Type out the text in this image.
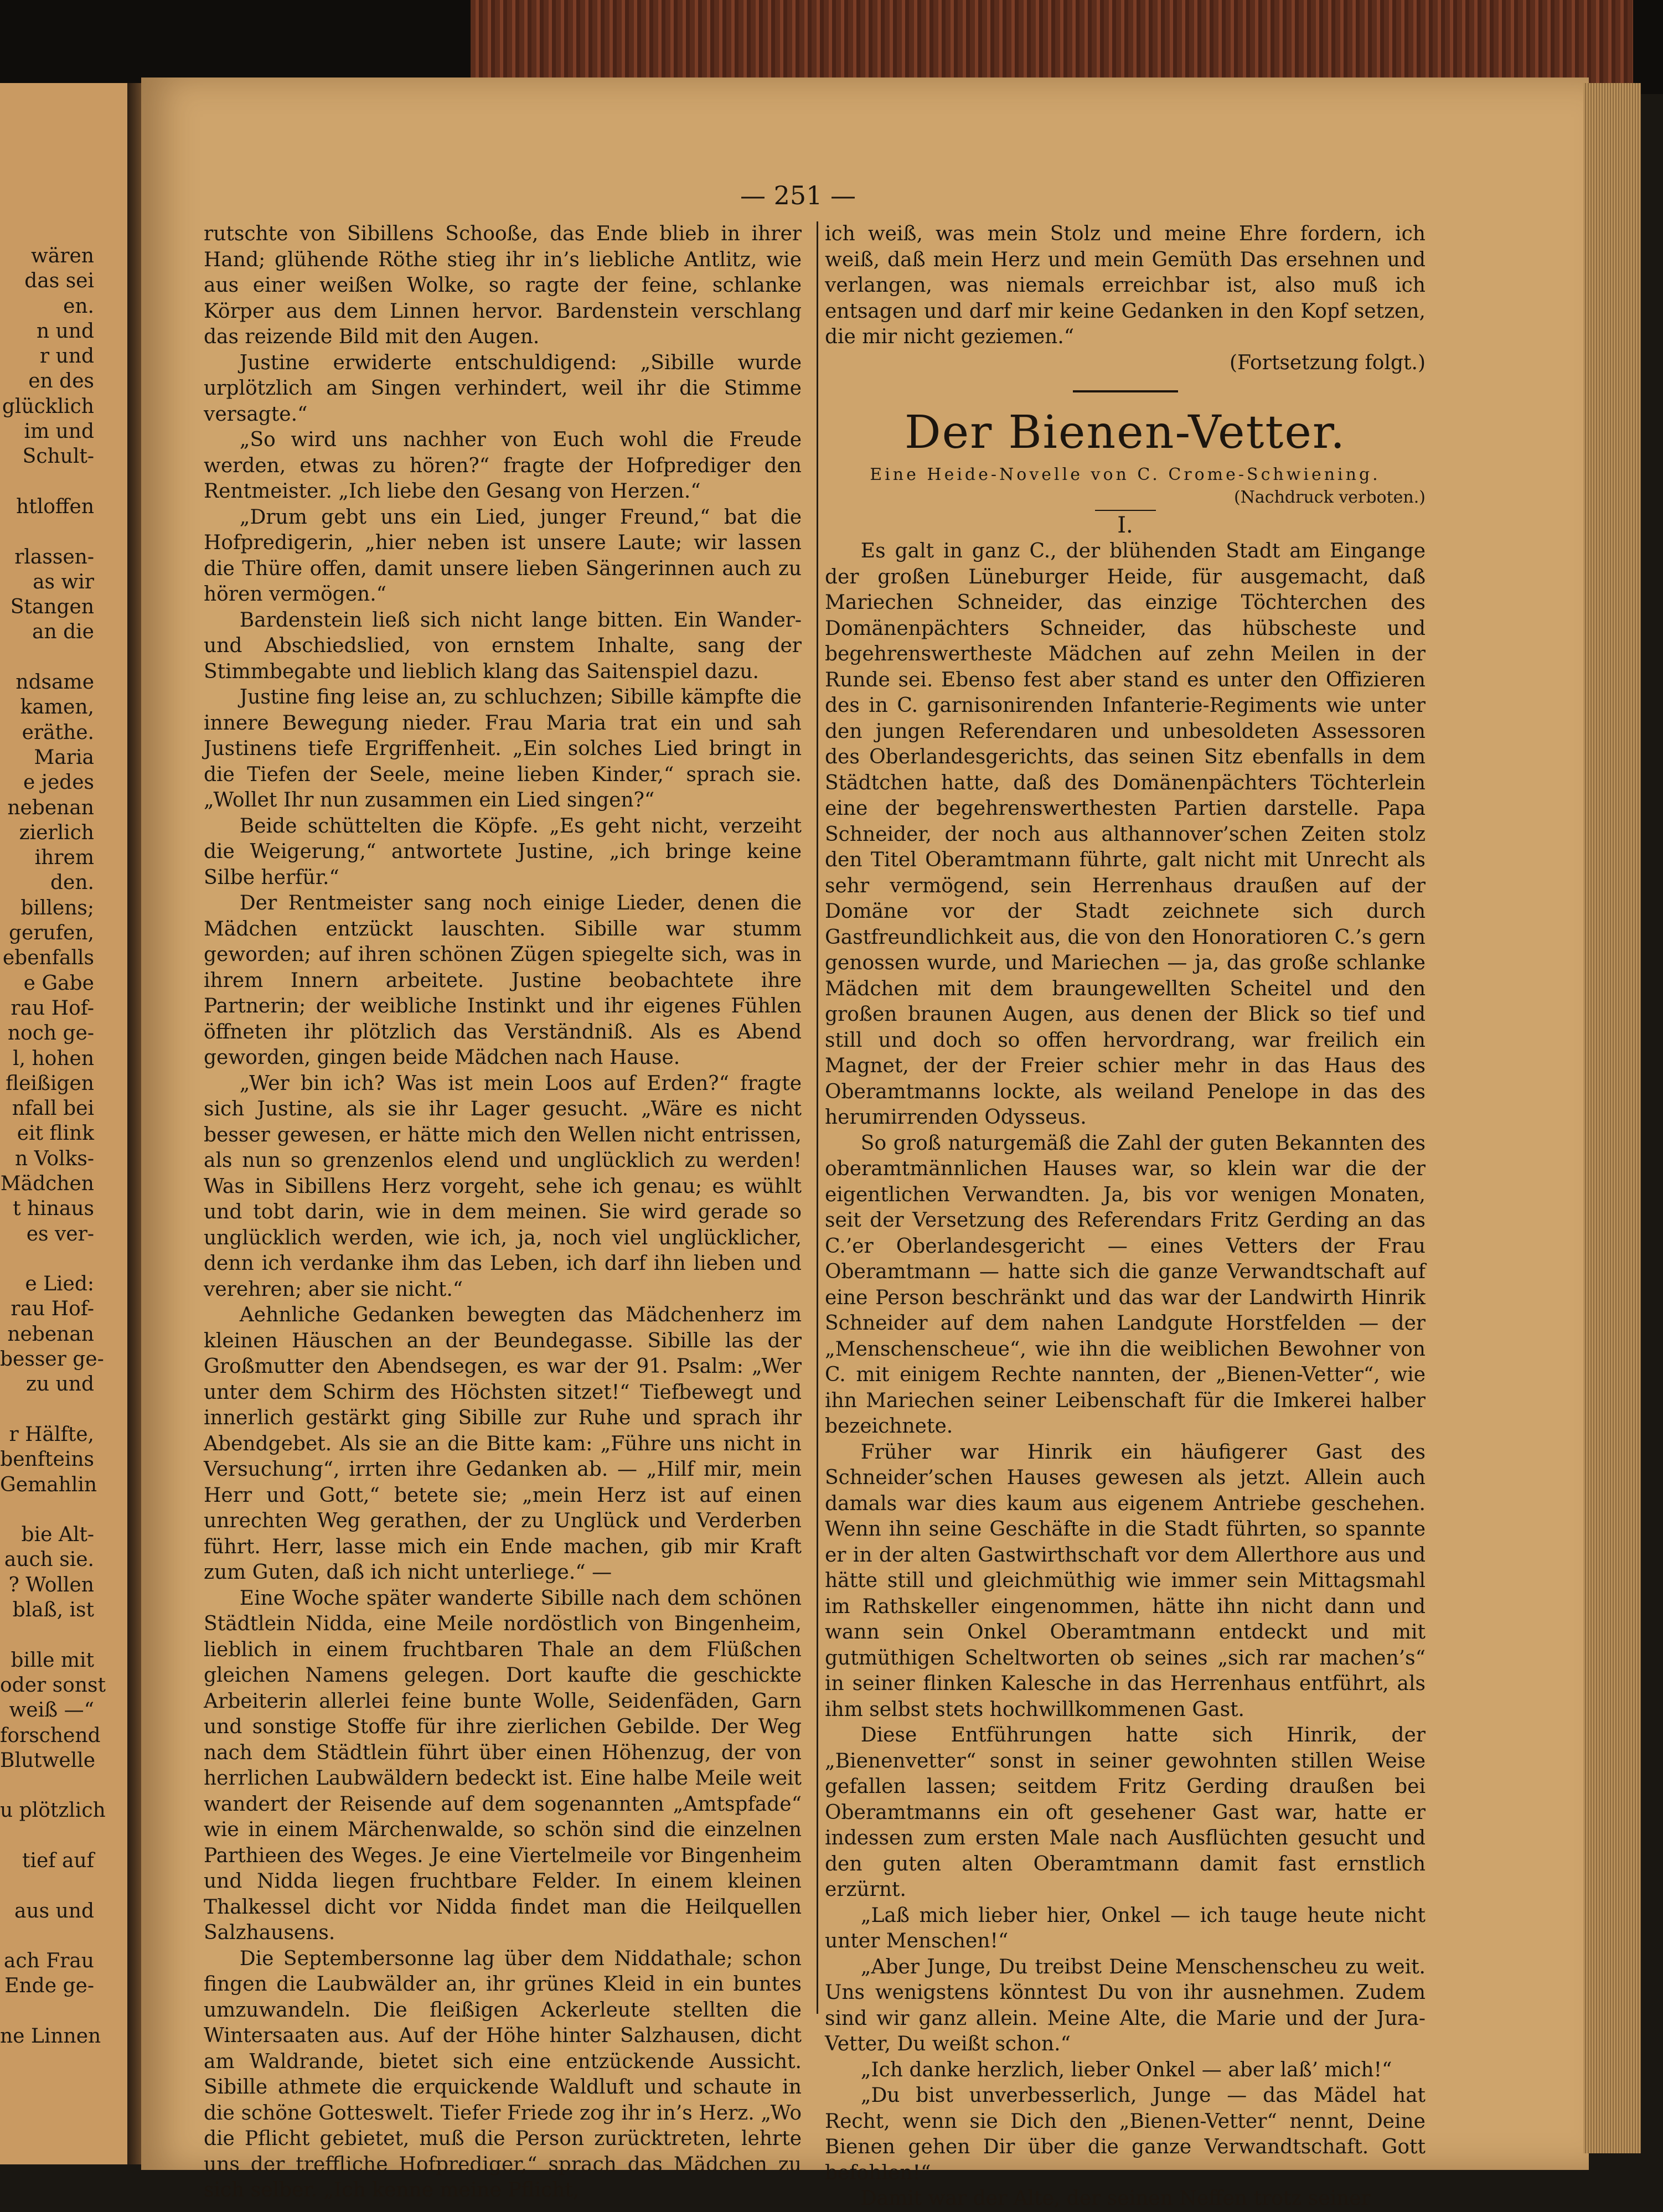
wären
das sei
en.
n und
r und
en des
glücklich
im und
Schult-
htloffen
rlassen-
as wir
Stangen
an die
ndsame
kamen,
eräthe.
Maria
e jedes
nebenan
zierlich
ihrem
den.
billens;
gerufen,
ebenfalls
e Gabe
rau Hof-
noch ge-
l, hohen
fleißigen
nfall bei
eit flink
n Volks-
Mädchen
t hinaus
es ver-
e Lied:
rau Hof-
nebenan
besser ge-
zu und
r Hälfte,
benfteins
Gemahlin
bie Alt-
auch sie.
? Wollen
blaß, ist
bille mit
oder sonst
weiß —“
forschend
Blutwelle
u plötzlich
tief auf
aus und
ach Frau
Ende ge-
ne Linnen
— 251 —

rutschte von Sibillens Schooße, das Ende blieb in ihrer Hand; glühende Röthe stieg ihr in’s liebliche Antlitz, wie aus einer weißen Wolke, so ragte der feine, schlanke Körper aus dem Linnen hervor. Bardenstein verschlang das reizende Bild mit den Augen.

Justine erwiderte entschuldigend: „Sibille wurde urplötzlich am Singen verhindert, weil ihr die Stimme versagte.“

„So wird uns nachher von Euch wohl die Freude werden, etwas zu hören?“ fragte der Hofprediger den Rentmeister. „Ich liebe den Gesang von Herzen.“

„Drum gebt uns ein Lied, junger Freund,“ bat die Hofpredigerin, „hier neben ist unsere Laute; wir lassen die Thüre offen, damit unsere lieben Sängerinnen auch zu hören vermögen.“

Bardenstein ließ sich nicht lange bitten. Ein Wander- und Abschiedslied, von ernstem Inhalte, sang der Stimmbegabte und lieblich klang das Saitenspiel dazu.

Justine fing leise an, zu schluchzen; Sibille kämpfte die innere Bewegung nieder. Frau Maria trat ein und sah Justinens tiefe Ergriffenheit. „Ein solches Lied bringt in die Tiefen der Seele, meine lieben Kinder,“ sprach sie. „Wollet Ihr nun zusammen ein Lied singen?“

Beide schüttelten die Köpfe. „Es geht nicht, verzeiht die Weigerung,“ antwortete Justine, „ich bringe keine Silbe herfür.“

Der Rentmeister sang noch einige Lieder, denen die Mädchen entzückt lauschten. Sibille war stumm geworden; auf ihren schönen Zügen spiegelte sich, was in ihrem Innern arbeitete. Justine beobachtete ihre Partnerin; der weibliche Instinkt und ihr eigenes Fühlen öffneten ihr plötzlich das Verständniß. Als es Abend geworden, gingen beide Mädchen nach Hause.

„Wer bin ich? Was ist mein Loos auf Erden?“ fragte sich Justine, als sie ihr Lager gesucht. „Wäre es nicht besser gewesen, er hätte mich den Wellen nicht entrissen, als nun so grenzenlos elend und unglücklich zu werden! Was in Sibillens Herz vorgeht, sehe ich genau; es wühlt und tobt darin, wie in dem meinen. Sie wird gerade so unglücklich werden, wie ich, ja, noch viel unglücklicher, denn ich verdanke ihm das Leben, ich darf ihn lieben und verehren; aber sie nicht.“

Aehnliche Gedanken bewegten das Mädchenherz im kleinen Häuschen an der Beundegasse. Sibille las der Großmutter den Abendsegen, es war der 91. Psalm: „Wer unter dem Schirm des Höchsten sitzet!“ Tiefbewegt und innerlich gestärkt ging Sibille zur Ruhe und sprach ihr Abendgebet. Als sie an die Bitte kam: „Führe uns nicht in Versuchung“, irrten ihre Gedanken ab. — „Hilf mir, mein Herr und Gott,“ betete sie; „mein Herz ist auf einen unrechten Weg gerathen, der zu Unglück und Verderben führt. Herr, lasse mich ein Ende machen, gib mir Kraft zum Guten, daß ich nicht unterliege.“ —

Eine Woche später wanderte Sibille nach dem schönen Städtlein Nidda, eine Meile nordöstlich von Bingenheim, lieblich in einem fruchtbaren Thale an dem Flüßchen gleichen Namens gelegen. Dort kaufte die geschickte Arbeiterin allerlei feine bunte Wolle, Seidenfäden, Garn und sonstige Stoffe für ihre zierlichen Gebilde. Der Weg nach dem Städtlein führt über einen Höhenzug, der von herrlichen Laubwäldern bedeckt ist. Eine halbe Meile weit wandert der Reisende auf dem sogenannten „Amtspfade“ wie in einem Märchenwalde, so schön sind die einzelnen Parthieen des Weges. Je eine Viertelmeile vor Bingenheim und Nidda liegen fruchtbare Felder. In einem kleinen Thalkessel dicht vor Nidda findet man die Heilquellen Salzhausens.

Die Septembersonne lag über dem Niddathale; schon fingen die Laubwälder an, ihr grünes Kleid in ein buntes umzuwandeln. Die fleißigen Ackerleute stellten die Wintersaaten aus. Auf der Höhe hinter Salzhausen, dicht am Waldrande, bietet sich eine entzückende Aussicht. Sibille athmete die erquickende Waldluft und schaute in die schöne Gotteswelt. Tiefer Friede zog ihr in’s Herz. „Wo die Pflicht gebietet, muß die Person zurücktreten, lehrte uns der treffliche Hofprediger,“ sprach das Mädchen zu sich selber. „Ich kenne meine Pflicht,

ich weiß, was mein Stolz und meine Ehre fordern, ich weiß, daß mein Herz und mein Gemüth Das ersehnen und verlangen, was niemals erreichbar ist, also muß ich entsagen und darf mir keine Gedanken in den Kopf setzen, die mir nicht geziemen.“

(Fortsetzung folgt.)

Der Bienen-Vetter.

Eine Heide-Novelle von C. Crome-Schwiening.

(Nachdruck verboten.)

I.

Es galt in ganz C., der blühenden Stadt am Eingange der großen Lüneburger Heide, für ausgemacht, daß Mariechen Schneider, das einzige Töchterchen des Domänenpächters Schneider, das hübscheste und begehrenswertheste Mädchen auf zehn Meilen in der Runde sei. Ebenso fest aber stand es unter den Offizieren des in C. garnisonirenden Infanterie-Regiments wie unter den jungen Referendaren und unbesoldeten Assessoren des Oberlandesgerichts, das seinen Sitz ebenfalls in dem Städtchen hatte, daß des Domänenpächters Töchterlein eine der begehrenswerthesten Partien darstelle. Papa Schneider, der noch aus althannover’schen Zeiten stolz den Titel Oberamtmann führte, galt nicht mit Unrecht als sehr vermögend, sein Herrenhaus draußen auf der Domäne vor der Stadt zeichnete sich durch Gastfreundlichkeit aus, die von den Honoratioren C.’s gern genossen wurde, und Mariechen — ja, das große schlanke Mädchen mit dem braungewellten Scheitel und den großen braunen Augen, aus denen der Blick so tief und still und doch so offen hervordrang, war freilich ein Magnet, der der Freier schier mehr in das Haus des Oberamtmanns lockte, als weiland Penelope in das des herumirrenden Odysseus.

So groß naturgemäß die Zahl der guten Bekannten des oberamtmännlichen Hauses war, so klein war die der eigentlichen Verwandten. Ja, bis vor wenigen Monaten, seit der Versetzung des Referendars Fritz Gerding an das C.’er Oberlandesgericht — eines Vetters der Frau Oberamtmann — hatte sich die ganze Verwandtschaft auf eine Person beschränkt und das war der Landwirth Hinrik Schneider auf dem nahen Landgute Horstfelden — der „Menschenscheue“, wie ihn die weiblichen Bewohner von C. mit einigem Rechte nannten, der „Bienen-Vetter“, wie ihn Mariechen seiner Leibenschaft für die Imkerei halber bezeichnete.

Früher war Hinrik ein häufigerer Gast des Schneider’schen Hauses gewesen als jetzt. Allein auch damals war dies kaum aus eigenem Antriebe geschehen. Wenn ihn seine Geschäfte in die Stadt führten, so spannte er in der alten Gastwirthschaft vor dem Allerthore aus und hätte still und gleichmüthig wie immer sein Mittagsmahl im Rathskeller eingenommen, hätte ihn nicht dann und wann sein Onkel Oberamtmann entdeckt und mit gutmüthigen Scheltworten ob seines „sich rar machen’s“ in seiner flinken Kalesche in das Herrenhaus entführt, als ihm selbst stets hochwillkommenen Gast.

Diese Entführungen hatte sich Hinrik, der „Bienenvetter“ sonst in seiner gewohnten stillen Weise gefallen lassen; seitdem Fritz Gerding draußen bei Oberamtmanns ein oft gesehener Gast war, hatte er indessen zum ersten Male nach Ausflüchten gesucht und den guten alten Oberamtmann damit fast ernstlich erzürnt.

„Laß mich lieber hier, Onkel — ich tauge heute nicht unter Menschen!“

„Aber Junge, Du treibst Deine Menschenscheu zu weit. Uns wenigstens könntest Du von ihr ausnehmen. Zudem sind wir ganz allein. Meine Alte, die Marie und der Jura-Vetter, Du weißt schon.“

„Ich danke herzlich, lieber Onkel — aber laß’ mich!“

„Du bist unverbesserlich, Junge — das Mädel hat Recht, wenn sie Dich den „Bienen-Vetter“ nennt, Deine Bienen gehen Dir über die ganze Verwandtschaft. Gott befohlen!“

Damit war der Alte, der seinen Neffen trotz seiner
